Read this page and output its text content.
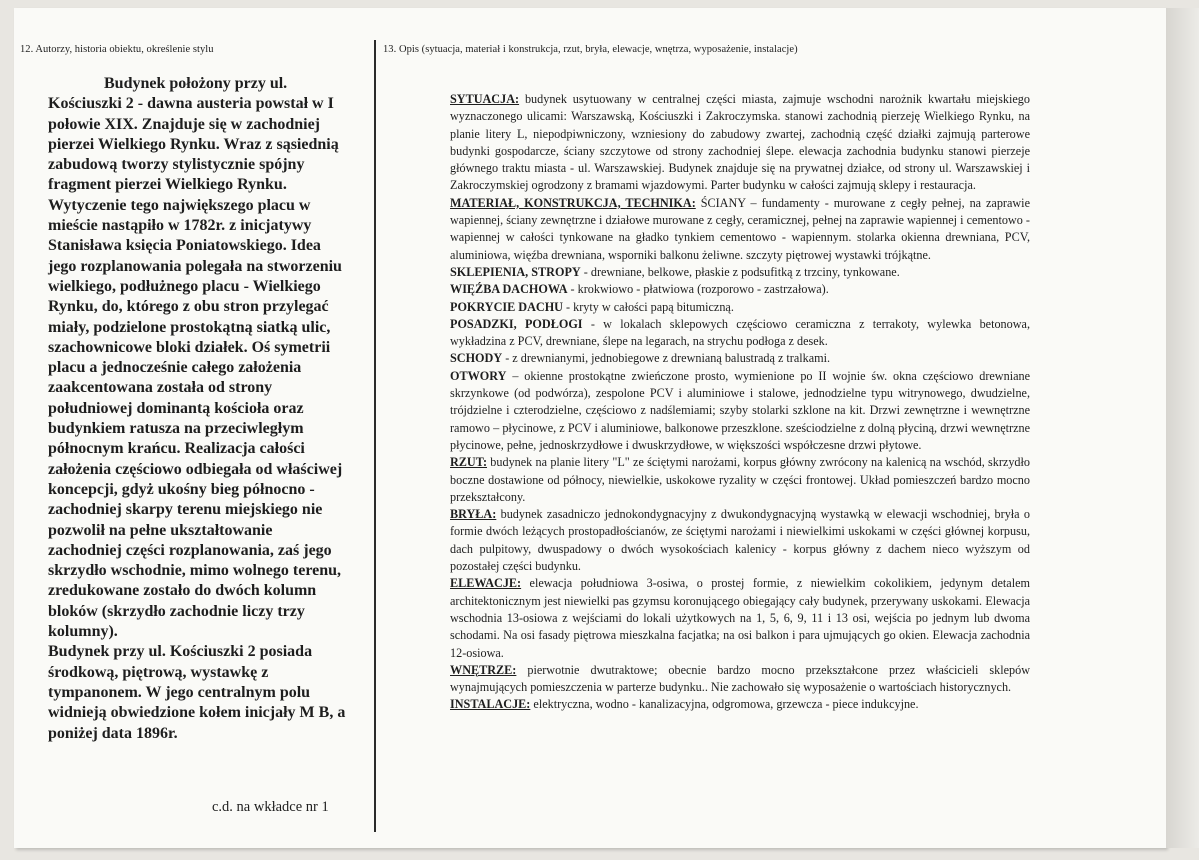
12. Autorzy, historia obiektu, określenie stylu	13. Opis (sytuacja, materiał i konstrukcja, rzut, bryła, elewacje, wnętrza, wyposażenie, instalacje)

Budynek położony przy ul. Kościuszki 2 - dawna austeria powstał w I połowie XIX. Znajduje się w zachodniej pierzei Wielkiego Rynku. Wraz z sąsiednią zabudową tworzy stylistycznie spójny fragment pierzei Wielkiego Rynku. Wytyczenie tego największego placu w mieście nastąpiło w 1782r. z inicjatywy Stanisława księcia Poniatowskiego. Idea jego rozplanowania polegała na stworzeniu wielkiego, podłużnego placu - Wielkiego Rynku, do, którego z obu stron przylegać miały, podzielone prostokątną siatką ulic, szachownicowe bloki działek. Oś symetrii placu a jednocześnie całego założenia zaakcentowana została od strony południowej dominantą kościoła oraz budynkiem ratusza na przeciwległym północnym krańcu. Realizacja całości założenia częściowo odbiegała od właściwej koncepcji, gdyż ukośny bieg północno - zachodniej skarpy terenu miejskiego nie pozwolił na pełne ukształtowanie zachodniej części rozplanowania, zaś jego skrzydło wschodnie, mimo wolnego terenu, zredukowane zostało do dwóch kolumn bloków (skrzydło zachodnie liczy trzy kolumny).

Budynek przy ul. Kościuszki 2 posiada środkową, piętrową, wystawkę z tympanonem. W jego centralnym polu widnieją obwiedzione kołem inicjały M B, a poniżej data 1896r.

c.d. na wkładce nr 1

SYTUACJA: budynek usytuowany w centralnej części miasta, zajmuje wschodni narożnik kwartału miejskiego wyznaczonego ulicami: Warszawską, Kościuszki i Zakroczymska. stanowi zachodnią pierzeję Wielkiego Rynku, na planie litery L, niepodpiwniczony, wzniesiony do zabudowy zwartej, zachodnią część działki zajmują parterowe budynki gospodarcze, ściany szczytowe od strony zachodniej ślepe. elewacja zachodnia budynku stanowi pierzeje głównego traktu miasta - ul. Warszawskiej. Budynek znajduje się na prywatnej działce, od strony ul. Warszawskiej i Zakroczymskiej ogrodzony z bramami wjazdowymi. Parter budynku w całości zajmują sklepy i restauracja.

MATERIAŁ, KONSTRUKCJA, TECHNIKA: ŚCIANY – fundamenty - murowane z cegły pełnej, na zaprawie wapiennej, ściany zewnętrzne i działowe murowane z cegły, ceramicznej, pełnej na zaprawie wapiennej i cementowo - wapiennej w całości tynkowane na gładko tynkiem cementowo - wapiennym. stolarka okienna drewniana, PCV, aluminiowa, więźba drewniana, wsporniki balkonu żeliwne. szczyty piętrowej wystawki trójkątne.

SKLEPIENIA, STROPY - drewniane, belkowe, płaskie z podsufitką z trzciny, tynkowane.

WIĘŹBA DACHOWA - krokwiowo - płatwiowa (rozporowo - zastrzałowa).

POKRYCIE DACHU - kryty w całości papą bitumiczną.

POSADZKI, PODŁOGI - w lokalach sklepowych częściowo ceramiczna z terrakoty, wylewka betonowa, wykładzina z PCV, drewniane, ślepe na legarach, na strychu podłoga z desek.

SCHODY - z drewnianymi, jednobiegowe z drewnianą balustradą z tralkami.

OTWORY – okienne prostokątne zwieńczone prosto, wymienione po II wojnie św. okna częściowo drewniane skrzynkowe (od podwórza), zespolone PCV i aluminiowe i stalowe, jednodzielne typu witrynowego, dwudzielne, trójdzielne i czterodzielne, częściowo z nadślemiami; szyby stolarki szklone na kit. Drzwi zewnętrzne i wewnętrzne ramowo – płycinowe, z PCV i aluminiowe, balkonowe przeszklone. sześciodzielne z dolną płyciną, drzwi wewnętrzne płycinowe, pełne, jednoskrzydłowe i dwuskrzydłowe, w większości współczesne drzwi płytowe.

RZUT: budynek na planie litery "L" ze ściętymi narożami, korpus główny zwrócony na kalenicą na wschód, skrzydło boczne dostawione od północy, niewielkie, uskokowe ryzality w części frontowej. Układ pomieszczeń bardzo mocno przekształcony.

BRYŁA: budynek zasadniczo jednokondygnacyjny z dwukondygnacyjną wystawką w elewacji wschodniej, bryła o formie dwóch leżących prostopadłościanów, ze ściętymi narożami i niewielkimi uskokami w części głównej korpusu, dach pulpitowy, dwuspadowy o dwóch wysokościach kalenicy - korpus główny z dachem nieco wyższym od pozostałej części budynku.

ELEWACJE: elewacja południowa 3-osiwa, o prostej formie, z niewielkim cokolikiem, jedynym detalem architektonicznym jest niewielki pas gzymsu koronującego obiegający cały budynek, przerywany uskokami. Elewacja wschodnia 13-osiowa z wejściami do lokali użytkowych na 1, 5, 6, 9, 11 i 13 osi, wejścia po jednym lub dwoma schodami. Na osi fasady piętrowa mieszkalna facjatka; na osi balkon i para ujmujących go okien. Elewacja zachodnia 12-osiowa.

WNĘTRZE: pierwotnie dwutraktowe; obecnie bardzo mocno przekształcone przez właścicieli sklepów wynajmujących pomieszczenia w parterze budynku.. Nie zachowało się wyposażenie o wartościach historycznych.

INSTALACJE: elektryczna, wodno - kanalizacyjna, odgromowa, grzewcza - piece indukcyjne.
